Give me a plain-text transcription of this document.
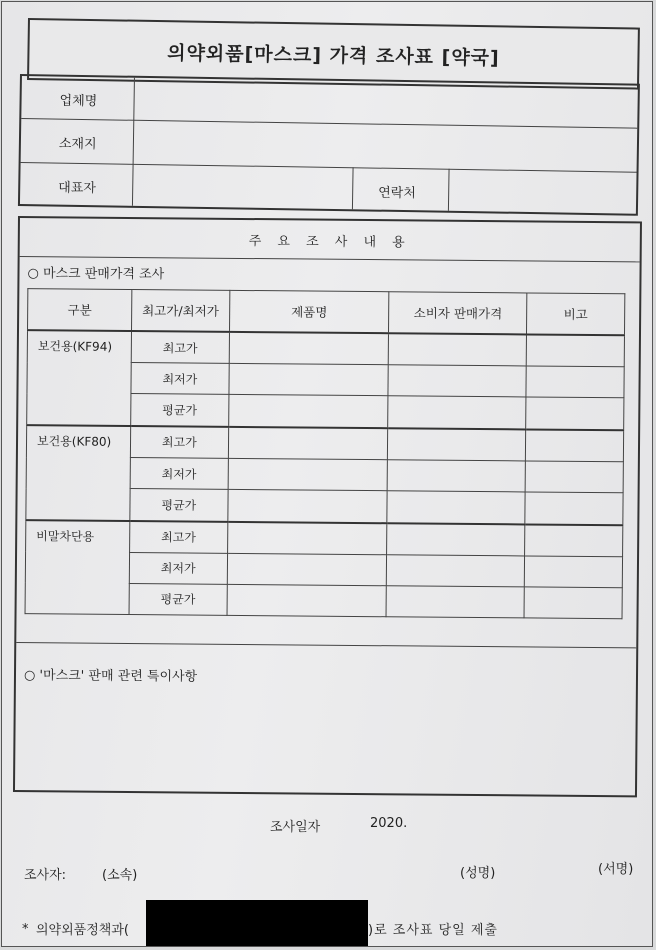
의약외품[마스크] 가격 조사표 [약국]
업체명
소재지
대표자	연락처
주 요 조 사 내 용
○ 마스크 판매가격 조사
구분	최고가/최저가	제품명	소비자 판매가격	비고
보건용(KF94)	최고가			
	최저가			
	평균가			
보건용(KF80)	최고가			
	최저가			
	평균가			
비말차단용	최고가			
	최저가			
	평균가			
○ '마스크' 판매 관련 특이사항
조사일자	2020.
조사자:	(소속)	(성명)	(서명)
* 의약외품정책과(	)로 조사표 당일 제출
